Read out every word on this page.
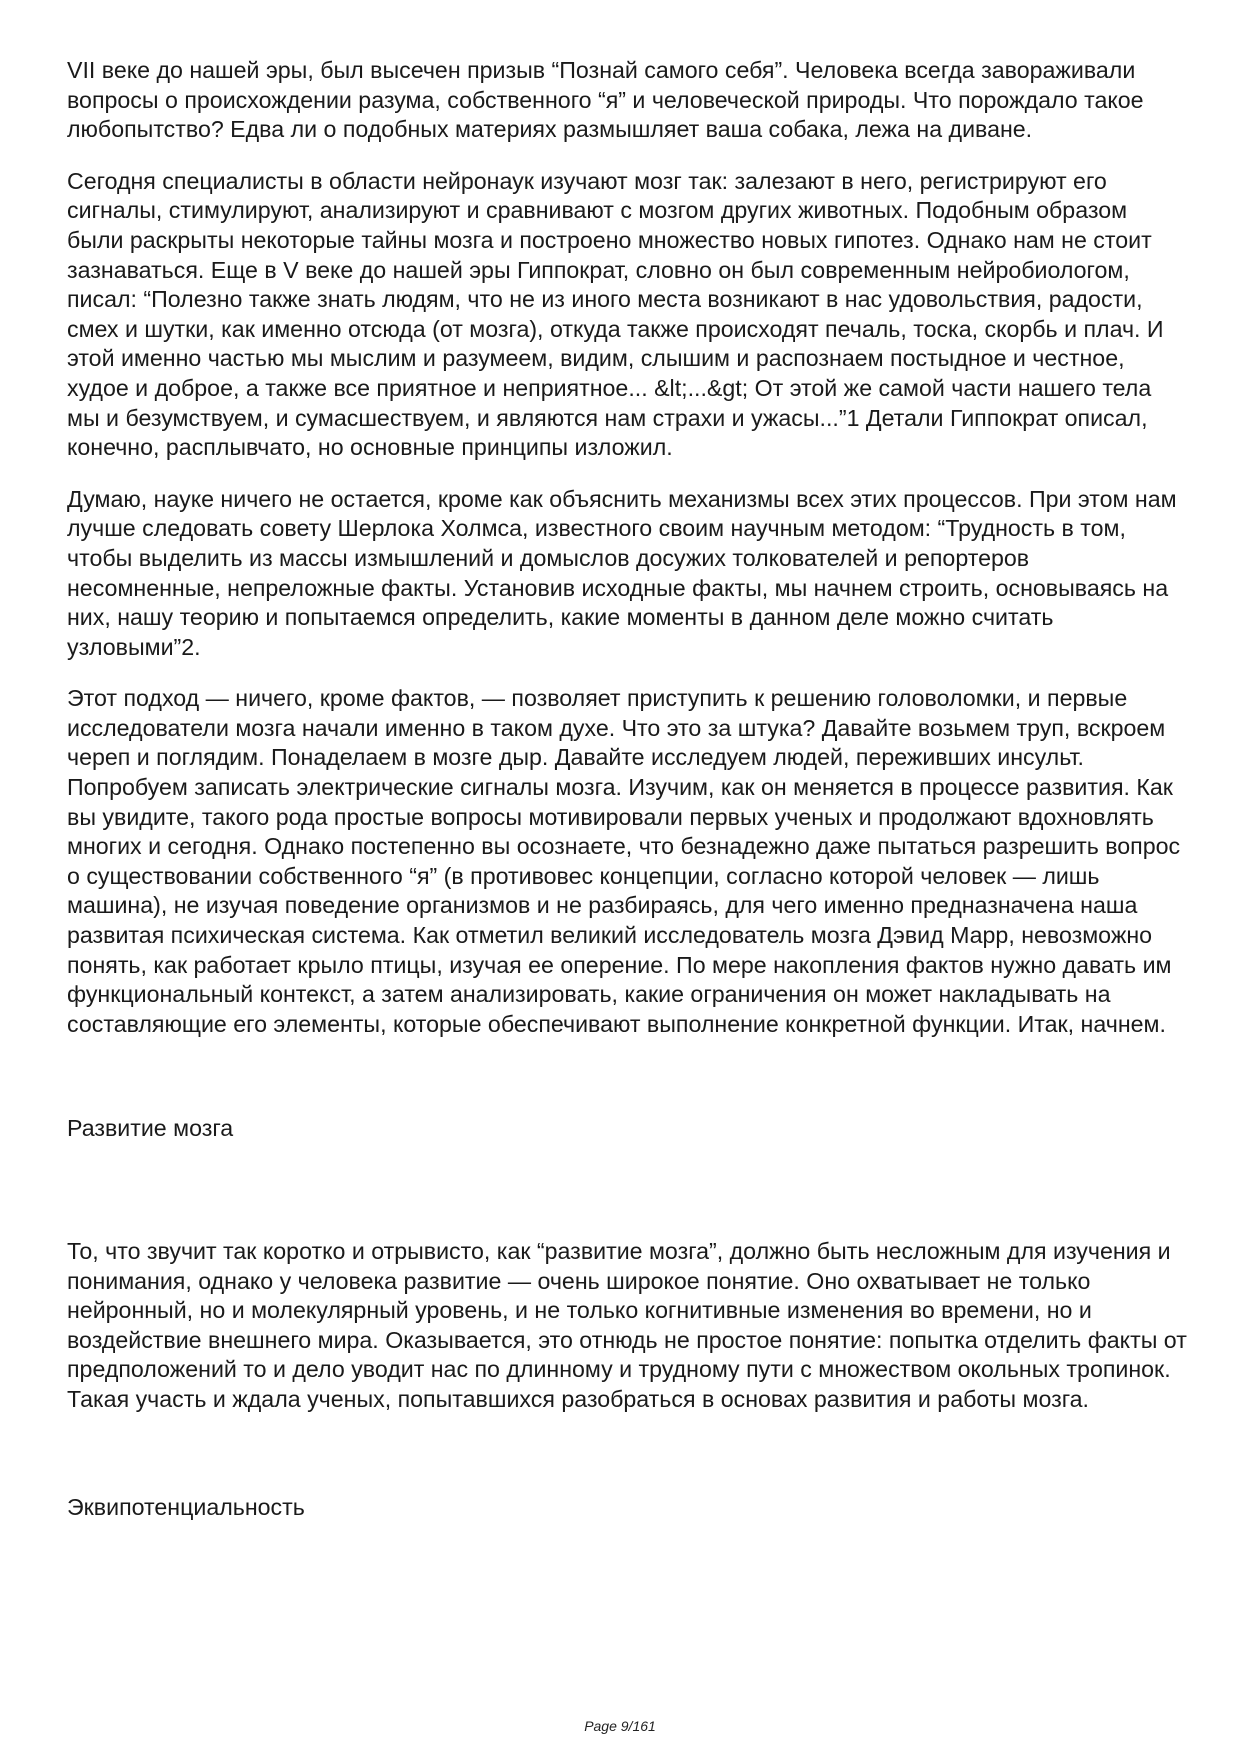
VII веке до нашей эры, был высечен призыв “Познай самого себя”. Человека всегда завораживали вопросы о происхождении разума, собственного “я” и человеческой природы. Что порождало такое любопытство? Едва ли о подобных материях размышляет ваша собака, лежа на диване.

Сегодня специалисты в области нейронаук изучают мозг так: залезают в него, регистрируют его сигналы, стимулируют, анализируют и сравнивают с мозгом других животных. Подобным образом были раскрыты некоторые тайны мозга и построено множество новых гипотез. Однако нам не стоит зазнаваться. Еще в V веке до нашей эры Гиппократ, словно он был современным нейробиологом, писал: “Полезно также знать людям, что не из иного места возникают в нас удовольствия, радости, смех и шутки, как именно отсюда (от мозга), откуда также происходят печаль, тоска, скорбь и плач. И этой именно частью мы мыслим и разумеем, видим, слышим и распознаем постыдное и честное, худое и доброе, а также все приятное и неприятное... &lt;...&gt; От этой же самой части нашего тела мы и безумствуем, и сумасшествуем, и являются нам страхи и ужасы...”1 Детали Гиппократ описал, конечно, расплывчато, но основные принципы изложил.

Думаю, науке ничего не остается, кроме как объяснить механизмы всех этих процессов. При этом нам лучше следовать совету Шерлока Холмса, известного своим научным методом: “Трудность в том, чтобы выделить из массы измышлений и домыслов досужих толкователей и репортеров несомненные, непреложные факты. Установив исходные факты, мы начнем строить, основываясь на них, нашу теорию и попытаемся определить, какие моменты в данном деле можно считать узловыми”2.

Этот подход — ничего, кроме фактов, — позволяет приступить к решению головоломки, и первые исследователи мозга начали именно в таком духе. Что это за штука? Давайте возьмем труп, вскроем череп и поглядим. Понаделаем в мозге дыр. Давайте исследуем людей, переживших инсульт. Попробуем записать электрические сигналы мозга. Изучим, как он меняется в процессе развития. Как вы увидите, такого рода простые вопросы мотивировали первых ученых и продолжают вдохновлять многих и сегодня. Однако постепенно вы осознаете, что безнадежно даже пытаться разрешить вопрос о существовании собственного “я” (в противовес концепции, согласно которой человек — лишь машина), не изучая поведение организмов и не разбираясь, для чего именно предназначена наша развитая психическая система. Как отметил великий исследователь мозга Дэвид Марр, невозможно понять, как работает крыло птицы, изучая ее оперение. По мере накопления фактов нужно давать им функциональный контекст, а затем анализировать, какие ограничения он может накладывать на составляющие его элементы, которые обеспечивают выполнение конкретной функции. Итак, начнем.

Развитие мозга

То, что звучит так коротко и отрывисто, как “развитие мозга”, должно быть несложным для изучения и понимания, однако у человека развитие — очень широкое понятие. Оно охватывает не только нейронный, но и молекулярный уровень, и не только когнитивные изменения во времени, но и воздействие внешнего мира. Оказывается, это отнюдь не простое понятие: попытка отделить факты от предположений то и дело уводит нас по длинному и трудному пути с множеством окольных тропинок. Такая участь и ждала ученых, попытавшихся разобраться в основах развития и работы мозга.

Эквипотенциальность
Page 9/161
